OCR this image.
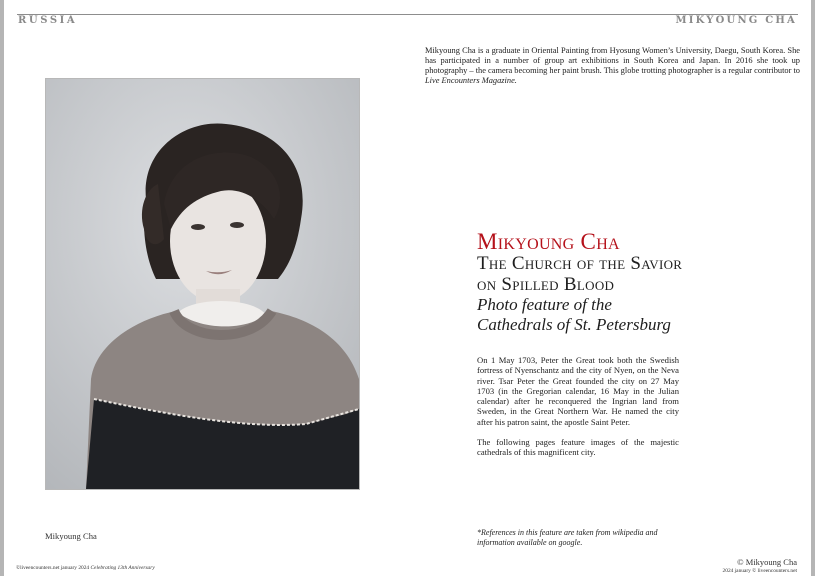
RUSSIA	MIKYOUNG CHA
Mikyoung Cha is a graduate in Oriental Painting from Hyosung Women’s University, Daegu, South Korea. She has participated in a number of group art exhibitions in South Korea and Japan. In 2016 she took up photography – the camera becoming her paint brush. This globe trotting photographer is a regular contributor to Live Encounters Magazine.
Mikyoung Cha
The Church of the Savior
on Spilled Blood
Photo feature of the
Cathedrals of St. Petersburg

On 1 May 1703, Peter the Great took both the Swedish fortress of Nyenschantz and the city of Nyen, on the Neva river. Tsar Peter the Great founded the city on 27 May 1703 (in the Gregorian calendar, 16 May in the Julian calendar) after he reconquered the Ingrian land from Sweden, in the Great Northern War. He named the city after his patron saint, the apostle Saint Peter.

The following pages feature images of the majestic cathedrals of this magnificent city.

Mikyoung Cha	*References in this feature are taken from wikipedia and information available on google.
©liveencounters.net january 2024 Celebrating 13th Anniversary
© Mikyoung Cha
2024 january © liveencounters.net
